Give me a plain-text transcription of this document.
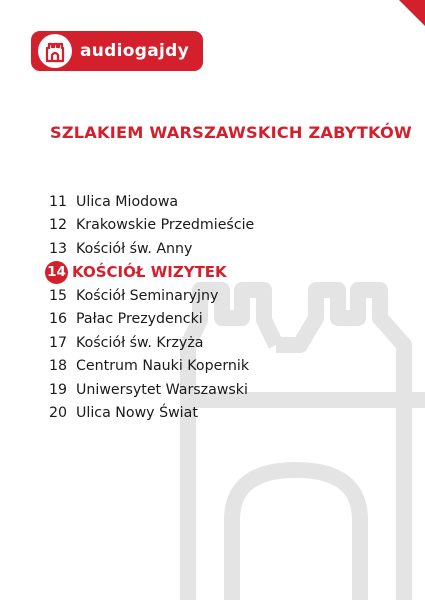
audiogajdy
SZLAKIEM WARSZAWSKICH ZABYTKÓW
11 Ulica Miodowa
12 Krakowskie Przedmieście
13 Kościół św. Anny
14 KOŚCIÓŁ WIZYTEK
15 Kościół Seminaryjny
16 Pałac Prezydencki
17 Kościół św. Krzyża
18 Centrum Nauki Kopernik
19 Uniwersytet Warszawski
20 Ulica Nowy Świat
